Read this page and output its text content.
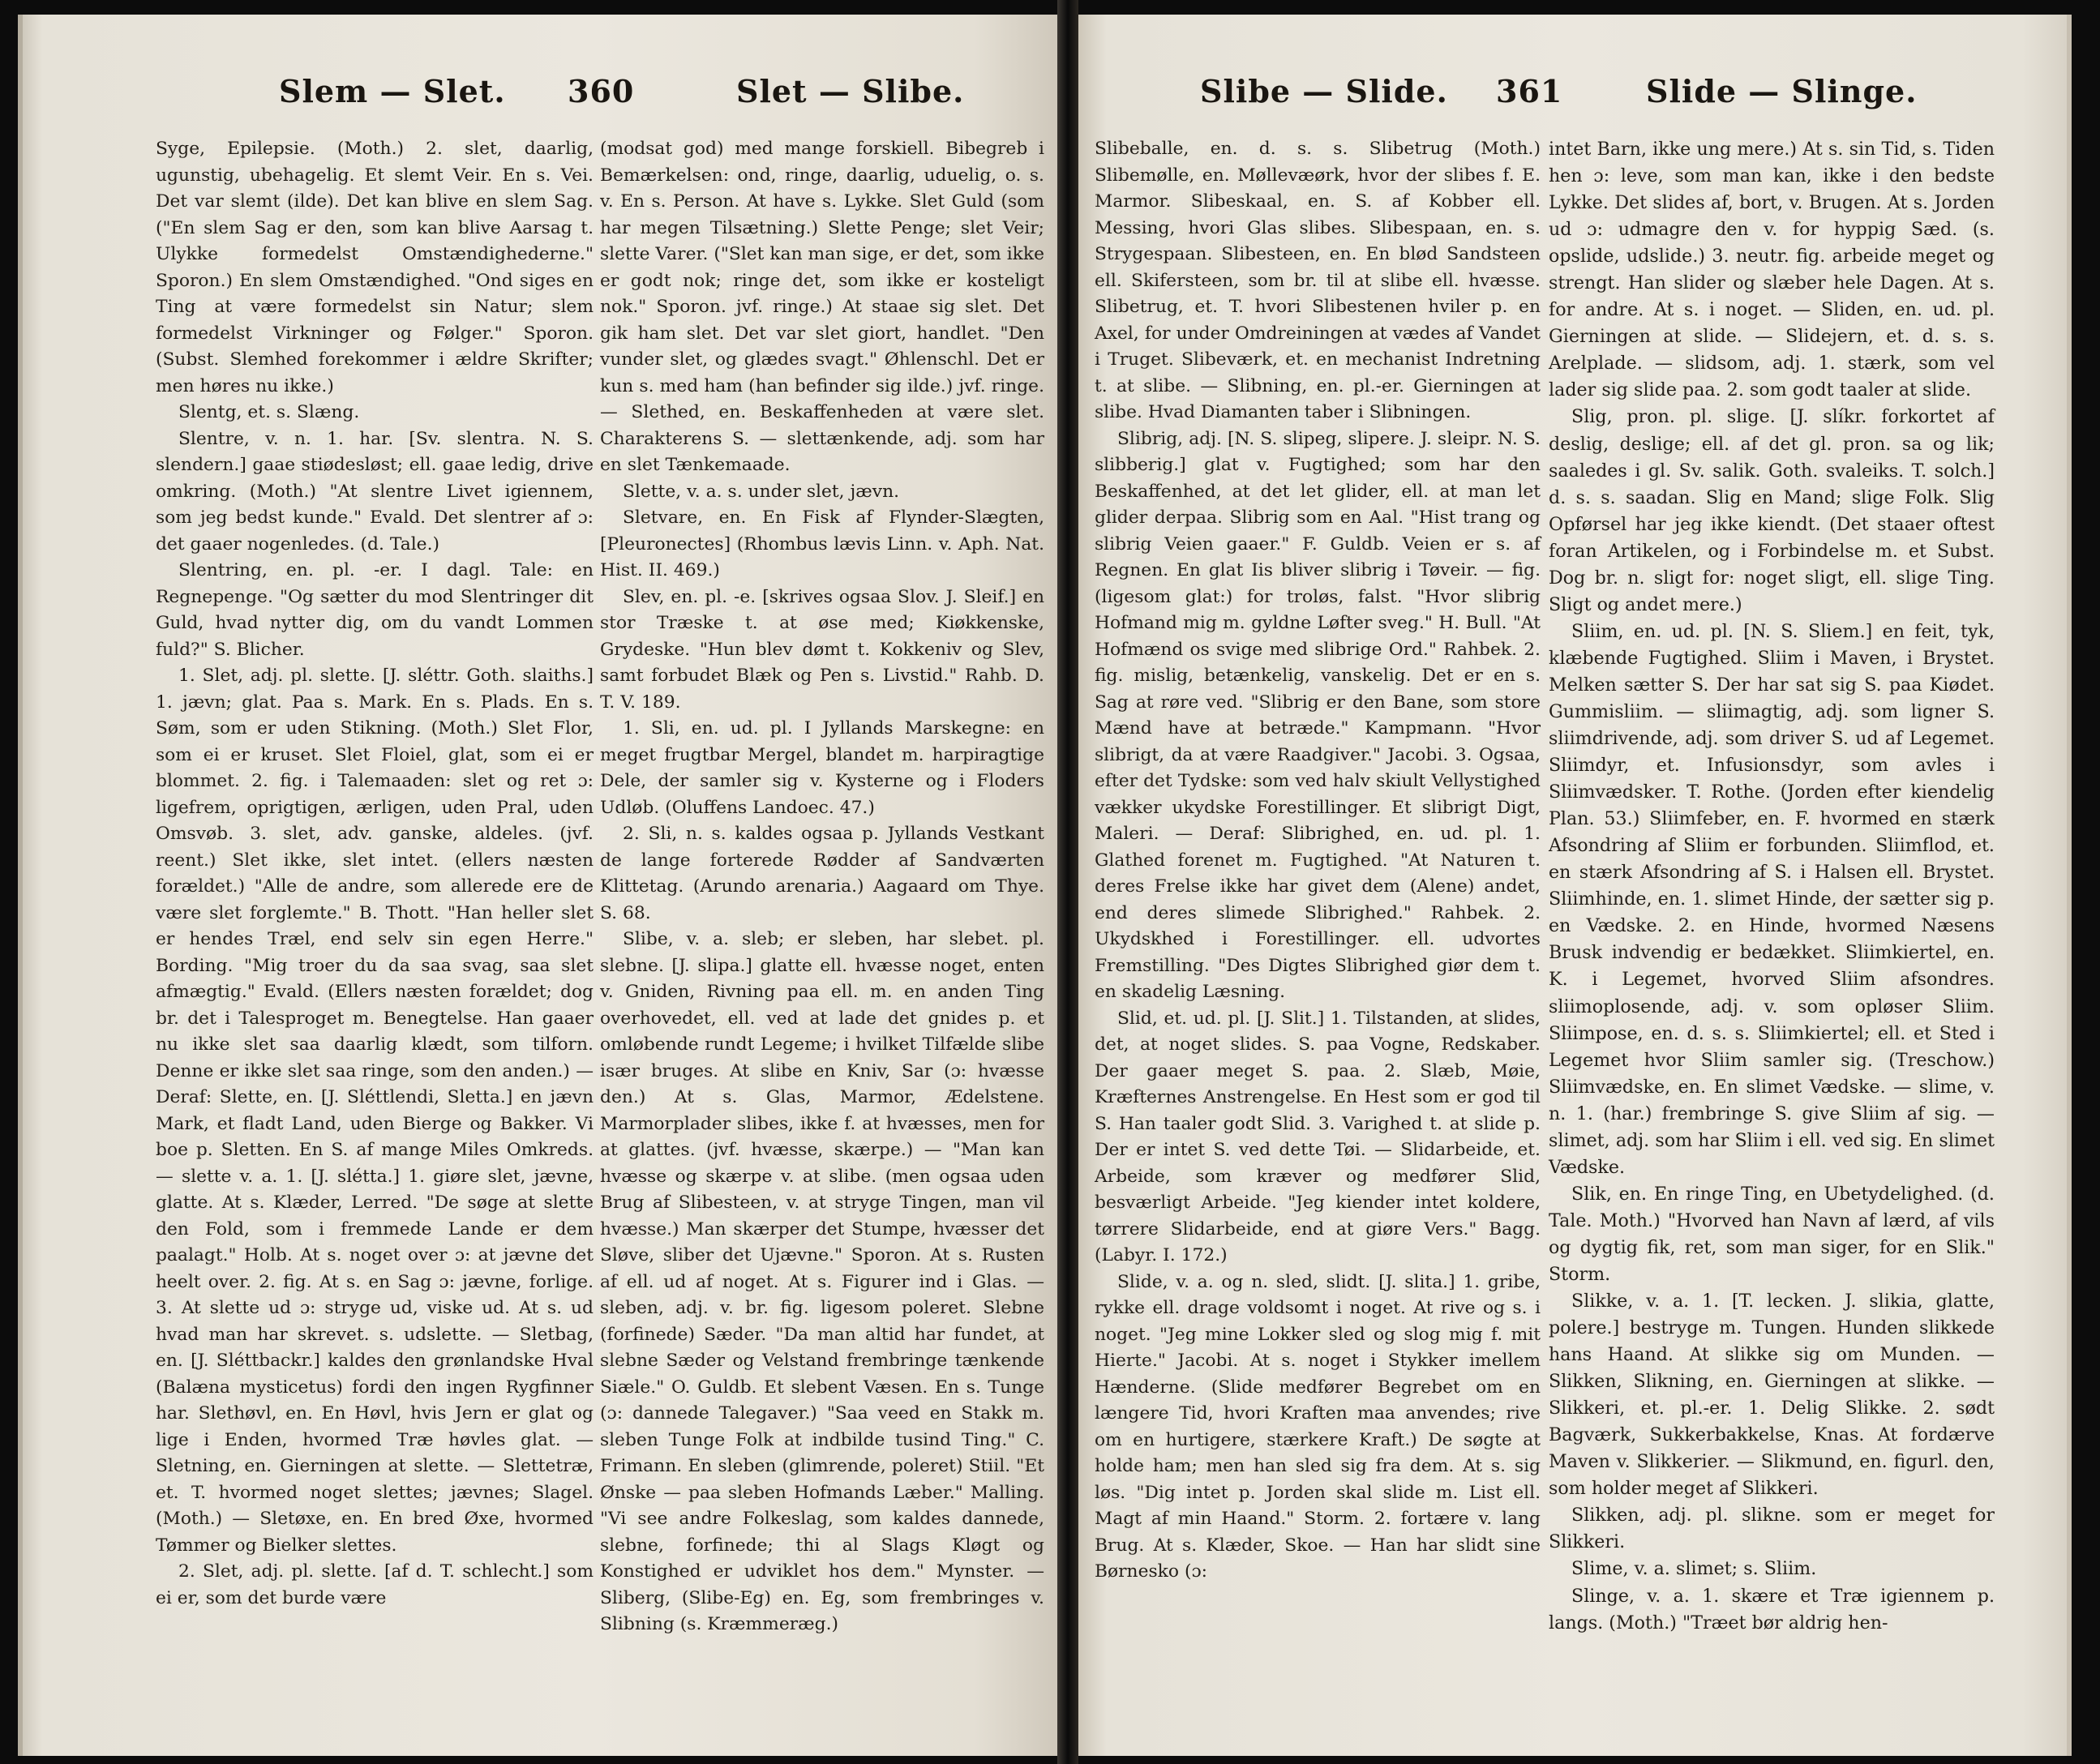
Slem — Slet. 360	Slet — Slibe.

Syge, Epilepsie. (Moth.) 2. slet, daarlig, ugunstig, ubehagelig. Et slemt Veir. En s. Vei. Det var slemt (ilde). Det kan blive en slem Sag. ("En slem Sag er den, som kan blive Aarsag t. Ulykke formedelst Omstændighederne." Sporon.) En slem Omstændighed. "Ond siges en Ting at være formedelst sin Natur; slem formedelst Virkninger og Følger." Sporon. (Subst. Slemhed forekommer i ældre Skrifter; men høres nu ikke.)

Slentg, et. s. Slæng.

Slentre, v. n. 1. har. [Sv. slentra. N. S. slendern.] gaae stiødesløst; ell. gaae ledig, drive omkring. (Moth.) "At slentre Livet igiennem, som jeg bedst kunde." Evald. Det slentrer af ɔ: det gaaer nogenledes. (d. Tale.)

Slentring, en. pl. -er. I dagl. Tale: en Regnepenge. "Og sætter du mod Slentringer dit Guld, hvad nytter dig, om du vandt Lommen fuld?" S. Blicher.

1. Slet, adj. pl. slette. [J. sléttr. Goth. slaiths.] 1. jævn; glat. Paa s. Mark. En s. Plads. En s. Søm, som er uden Stikning. (Moth.) Slet Flor, som ei er kruset. Slet Floiel, glat, som ei er blommet. 2. fig. i Talemaaden: slet og ret ɔ: ligefrem, oprigtigen, ærligen, uden Pral, uden Omsvøb. 3. slet, adv. ganske, aldeles. (jvf. reent.) Slet ikke, slet intet. (ellers næsten forældet.) "Alle de andre, som allerede ere de være slet forglemte." B. Thott. "Han heller slet er hendes Træl, end selv sin egen Herre." Bording. "Mig troer du da saa svag, saa slet afmægtig." Evald. (Ellers næsten forældet; dog br. det i Talesproget m. Benegtelse. Han gaaer nu ikke slet saa daarlig klædt, som tilforn. Denne er ikke slet saa ringe, som den anden.) — Deraf: Slette, en. [J. Sléttlendi, Sletta.] en jævn Mark, et fladt Land, uden Bierge og Bakker. Vi boe p. Sletten. En S. af mange Miles Omkreds. — slette v. a. 1. [J. slétta.] 1. giøre slet, jævne, glatte. At s. Klæder, Lerred. "De søge at slette den Fold, som i fremmede Lande er dem paalagt." Holb. At s. noget over ɔ: at jævne det heelt over. 2. fig. At s. en Sag ɔ: jævne, forlige. 3. At slette ud ɔ: stryge ud, viske ud. At s. ud hvad man har skrevet. s. udslette. — Sletbag, en. [J. Sléttbackr.] kaldes den grønlandske Hval (Balæna mysticetus) fordi den ingen Rygfinner har. Slethøvl, en. En Høvl, hvis Jern er glat og lige i Enden, hvormed Træ høvles glat. — Sletning, en. Gierningen at slette. — Slettetræ, et. T. hvormed noget slettes; jævnes; Slagel. (Moth.) — Sletøxe, en. En bred Øxe, hvormed Tømmer og Bielker slettes.

2. Slet, adj. pl. slette. [af d. T. schlecht.] som ei er, som det burde være

(modsat god) med mange forskiell. Bibegreb i Bemærkelsen: ond, ringe, daarlig, uduelig, o. s. v. En s. Person. At have s. Lykke. Slet Guld (som har megen Tilsætning.) Slette Penge; slet Veir; slette Varer. ("Slet kan man sige, er det, som ikke er godt nok; ringe det, som ikke er kosteligt nok." Sporon. jvf. ringe.) At staae sig slet. Det gik ham slet. Det var slet giort, handlet. "Den vunder slet, og glædes svagt." Øhlenschl. Det er kun s. med ham (han befinder sig ilde.) jvf. ringe. — Slethed, en. Beskaffenheden at være slet. Charakterens S. — slettænkende, adj. som har en slet Tænkemaade.

Slette, v. a. s. under slet, jævn.

Sletvare, en. En Fisk af Flynder-Slægten, [Pleuronectes] (Rhombus lævis Linn. v. Aph. Nat. Hist. II. 469.)

Slev, en. pl. -e. [skrives ogsaa Slov. J. Sleif.] en stor Træske t. at øse med; Kiøkkenske, Grydeske. "Hun blev dømt t. Kokkeniv og Slev, samt forbudet Blæk og Pen s. Livstid." Rahb. D. T. V. 189.

1. Sli, en. ud. pl. I Jyllands Marskegne: en meget frugtbar Mergel, blandet m. harpiragtige Dele, der samler sig v. Kysterne og i Floders Udløb. (Oluffens Landoec. 47.)

2. Sli, n. s. kaldes ogsaa p. Jyllands Vestkant de lange forterede Rødder af Sandværten Klittetag. (Arundo arenaria.) Aagaard om Thye. S. 68.

Slibe, v. a. sleb; er sleben, har slebet. pl. slebne. [J. slipa.] glatte ell. hvæsse noget, enten v. Gniden, Rivning paa ell. m. en anden Ting overhovedet, ell. ved at lade det gnides p. et omløbende rundt Legeme; i hvilket Tilfælde slibe især bruges. At slibe en Kniv, Sar (ɔ: hvæsse den.) At s. Glas, Marmor, Ædelstene. Marmorplader slibes, ikke f. at hvæsses, men for at glattes. (jvf. hvæsse, skærpe.) — "Man kan hvæsse og skærpe v. at slibe. (men ogsaa uden Brug af Slibesteen, v. at stryge Tingen, man vil hvæsse.) Man skærper det Stumpe, hvæsser det Sløve, sliber det Ujævne." Sporon. At s. Rusten af ell. ud af noget. At s. Figurer ind i Glas. — sleben, adj. v. br. fig. ligesom poleret. Slebne (forfinede) Sæder. "Da man altid har fundet, at slebne Sæder og Velstand frembringe tænkende Siæle." O. Guldb. Et slebent Væsen. En s. Tunge (ɔ: dannede Talegaver.) "Saa veed en Stakk m. sleben Tunge Folk at indbilde tusind Ting." C. Frimann. En sleben (glimrende, poleret) Stiil. "Et Ønske — paa sleben Hofmands Læber." Malling. "Vi see andre Folkeslag, som kaldes dannede, slebne, forfinede; thi al Slags Kløgt og Konstighed er udviklet hos dem." Mynster. — Sliberg, (Slibe-Eg) en. Eg, som frembringes v. Slibning (s. Kræmmeræg.)

Slibe — Slide. 361	Slide — Slinge.

Slibeballe, en. d. s. s. Slibetrug (Moth.) Slibemølle, en. Møllevæørk, hvor der slibes f. E. Marmor. Slibeskaal, en. S. af Kobber ell. Messing, hvori Glas slibes. Slibespaan, en. s. Strygespaan. Slibesteen, en. En blød Sandsteen ell. Skifersteen, som br. til at slibe ell. hvæsse. Slibetrug, et. T. hvori Slibestenen hviler p. en Axel, for under Omdreiningen at vædes af Vandet i Truget. Slibeværk, et. en mechanist Indretning t. at slibe. — Slibning, en. pl.-er. Gierningen at slibe. Hvad Diamanten taber i Slibningen.

Slibrig, adj. [N. S. slipeg, slipere. J. sleipr. N. S. slibberig.] glat v. Fugtighed; som har den Beskaffenhed, at det let glider, ell. at man let glider derpaa. Slibrig som en Aal. "Hist trang og slibrig Veien gaaer." F. Guldb. Veien er s. af Regnen. En glat Iis bliver slibrig i Tøveir. — fig. (ligesom glat:) for troløs, falst. "Hvor slibrig Hofmand mig m. gyldne Løfter sveg." H. Bull. "At Hofmænd os svige med slibrige Ord." Rahbek. 2. fig. mislig, betænkelig, vanskelig. Det er en s. Sag at røre ved. "Slibrig er den Bane, som store Mænd have at betræde." Kampmann. "Hvor slibrigt, da at være Raadgiver." Jacobi. 3. Ogsaa, efter det Tydske: som ved halv skiult Vellystighed vækker ukydske Forestillinger. Et slibrigt Digt, Maleri. — Deraf: Slibrighed, en. ud. pl. 1. Glathed forenet m. Fugtighed. "At Naturen t. deres Frelse ikke har givet dem (Alene) andet, end deres slimede Slibrighed." Rahbek. 2. Ukydskhed i Forestillinger. ell. udvortes Fremstilling. "Des Digtes Slibrighed giør dem t. en skadelig Læsning.

Slid, et. ud. pl. [J. Slit.] 1. Tilstanden, at slides, det, at noget slides. S. paa Vogne, Redskaber. Der gaaer meget S. paa. 2. Slæb, Møie, Kræfternes Anstrengelse. En Hest som er god til S. Han taaler godt Slid. 3. Varighed t. at slide p. Der er intet S. ved dette Tøi. — Slidarbeide, et. Arbeide, som kræver og medfører Slid, besværligt Arbeide. "Jeg kiender intet koldere, tørrere Slidarbeide, end at giøre Vers." Bagg. (Labyr. I. 172.)

Slide, v. a. og n. sled, slidt. [J. slita.] 1. gribe, rykke ell. drage voldsomt i noget. At rive og s. i noget. "Jeg mine Lokker sled og slog mig f. mit Hierte." Jacobi. At s. noget i Stykker imellem Hænderne. (Slide medfører Begrebet om en længere Tid, hvori Kraften maa anvendes; rive om en hurtigere, stærkere Kraft.) De søgte at holde ham; men han sled sig fra dem. At s. sig løs. "Dig intet p. Jorden skal slide m. List ell. Magt af min Haand." Storm. 2. fortære v. lang Brug. At s. Klæder, Skoe. — Han har slidt sine Børnesko (ɔ:

intet Barn, ikke ung mere.) At s. sin Tid, s. Tiden hen ɔ: leve, som man kan, ikke i den bedste Lykke. Det slides af, bort, v. Brugen. At s. Jorden ud ɔ: udmagre den v. for hyppig Sæd. (s. opslide, udslide.) 3. neutr. fig. arbeide meget og strengt. Han slider og slæber hele Dagen. At s. for andre. At s. i noget. — Sliden, en. ud. pl. Gierningen at slide. — Slidejern, et. d. s. s. Arelplade. — slidsom, adj. 1. stærk, som vel lader sig slide paa. 2. som godt taaler at slide.

Slig, pron. pl. slige. [J. slíkr. forkortet af deslig, deslige; ell. af det gl. pron. sa og lik; saaledes i gl. Sv. salik. Goth. svaleiks. T. solch.] d. s. s. saadan. Slig en Mand; slige Folk. Slig Opførsel har jeg ikke kiendt. (Det staaer oftest foran Artikelen, og i Forbindelse m. et Subst. Dog br. n. sligt for: noget sligt, ell. slige Ting. Sligt og andet mere.)

Sliim, en. ud. pl. [N. S. Sliem.] en feit, tyk, klæbende Fugtighed. Sliim i Maven, i Brystet. Melken sætter S. Der har sat sig S. paa Kiødet. Gummisliim. — sliimagtig, adj. som ligner S. sliimdrivende, adj. som driver S. ud af Legemet. Sliimdyr, et. Infusionsdyr, som avles i Sliimvædsker. T. Rothe. (Jorden efter kiendelig Plan. 53.) Sliimfeber, en. F. hvormed en stærk Afsondring af Sliim er forbunden. Sliimflod, et. en stærk Afsondring af S. i Halsen ell. Brystet. Sliimhinde, en. 1. slimet Hinde, der sætter sig p. en Vædske. 2. en Hinde, hvormed Næsens Brusk indvendig er bedækket. Sliimkiertel, en. K. i Legemet, hvorved Sliim afsondres. sliimoplosende, adj. v. som opløser Sliim. Sliimpose, en. d. s. s. Sliimkiertel; ell. et Sted i Legemet hvor Sliim samler sig. (Treschow.) Sliimvædske, en. En slimet Vædske. — slime, v. n. 1. (har.) frembringe S. give Sliim af sig. — slimet, adj. som har Sliim i ell. ved sig. En slimet Vædske.

Slik, en. En ringe Ting, en Ubetydelighed. (d. Tale. Moth.) "Hvorved han Navn af lærd, af vils og dygtig fik, ret, som man siger, for en Slik." Storm.

Slikke, v. a. 1. [T. lecken. J. slikia, glatte, polere.] bestryge m. Tungen. Hunden slikkede hans Haand. At slikke sig om Munden. — Slikken, Slikning, en. Gierningen at slikke. — Slikkeri, et. pl.-er. 1. Delig Slikke. 2. sødt Bagværk, Sukkerbakkelse, Knas. At fordærve Maven v. Slikkerier. — Slikmund, en. figurl. den, som holder meget af Slikkeri.

Slikken, adj. pl. slikne. som er meget for Slikkeri.

Slime, v. a. slimet; s. Sliim.

Slinge, v. a. 1. skære et Træ igiennem p. langs. (Moth.) "Træet bør aldrig hen-
